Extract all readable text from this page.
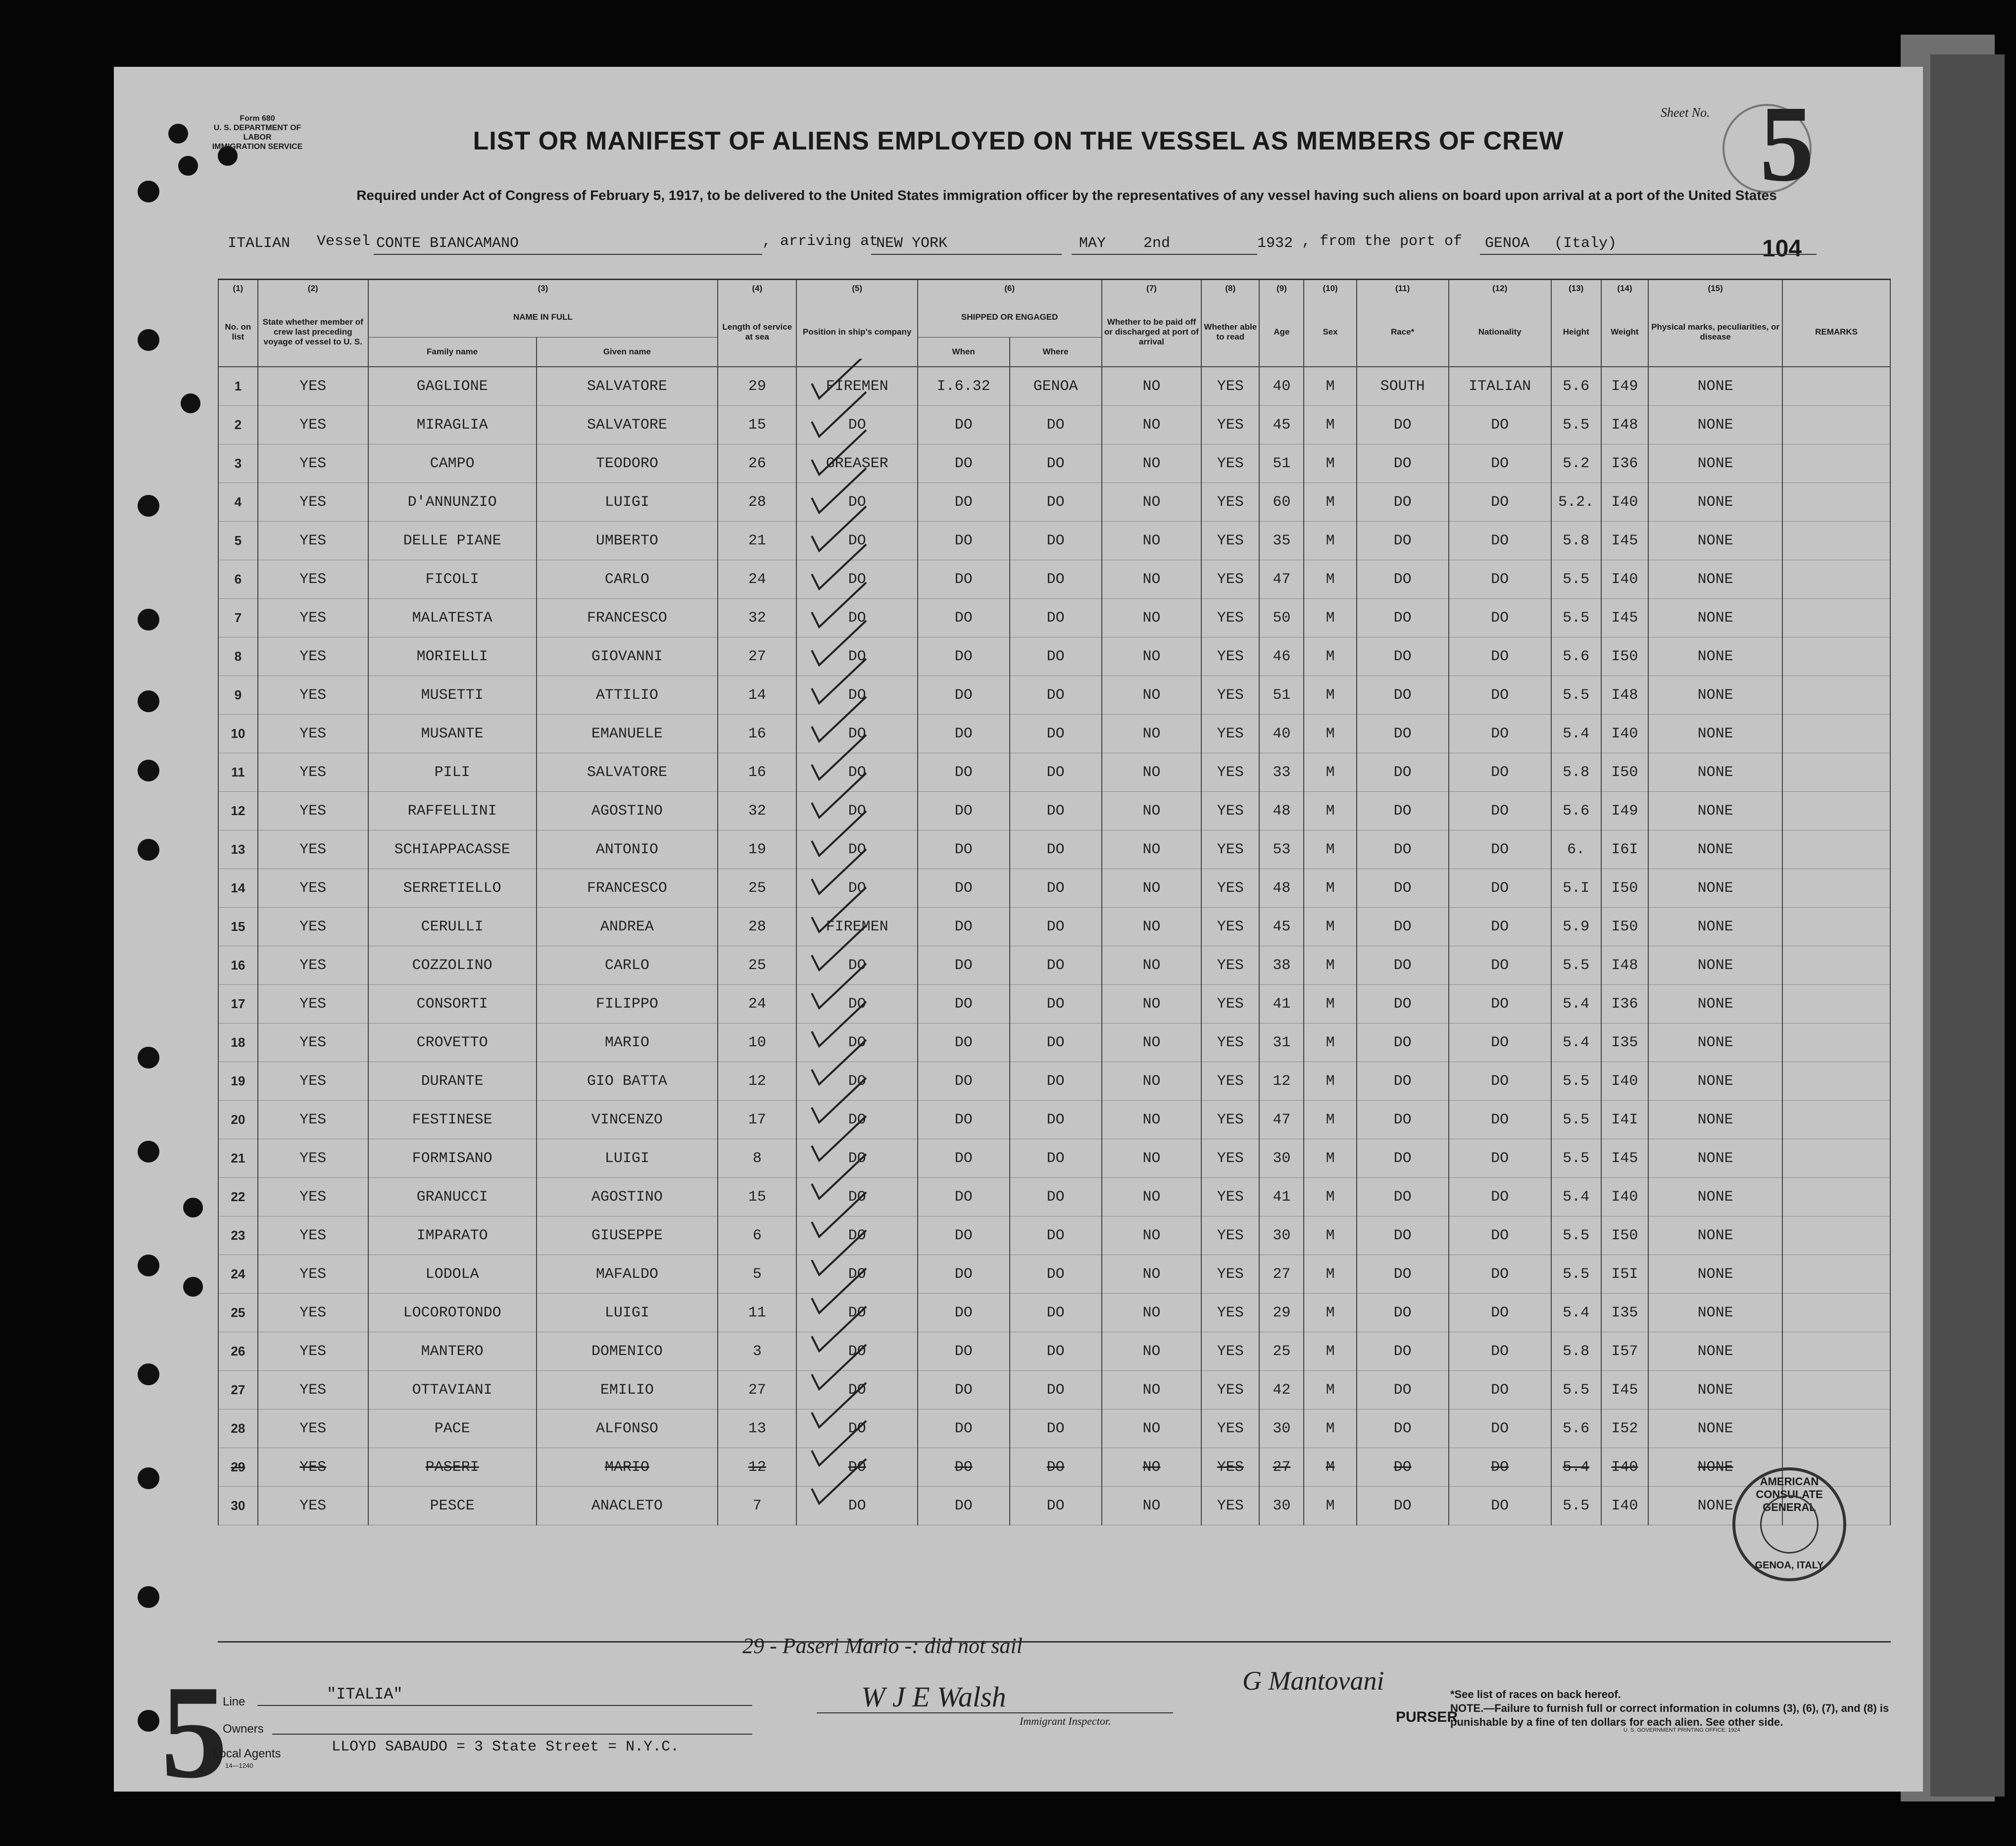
Form 680
U. S. DEPARTMENT OF LABOR
IMMIGRATION SERVICE	LIST OR MANIFEST OF ALIENS EMPLOYED ON THE VESSEL AS MEMBERS OF CREW
Required under Act of Congress of February 5, 1917, to be delivered to the United States immigration officer by the representatives of any vessel having such aliens on board upon arrival at a port of the United States
Sheet No. 5
104
ITALIAN Vessel CONTE BIANCAMANO	, arriving at
NEW YORK	MAY	2nd	1932 , from the port of GENOA (Italy)
(1)	(2)	(3)		(4)	(5)	(6)		(7)	(8)	(9)	(10)	(11)	(12)	(13)	(14)	(15)	
No. on list	State whether member of crew last preceding voyage of vessel to U. S.	NAME IN FULL		Length of service at sea	Position in ship's company	SHIPPED OR ENGAGED		Whether to be paid off or discharged at port of arrival	Whether able to read	Age	Sex	Race*	Nationality	Height	Weight	Physical marks, peculiarities, or disease	REMARKS
		Family name	Given name			When	Where										
1	YES	GAGLIONE	SALVATORE	29	FIREMEN	I.6.32	GENOA	NO	YES	40	M	SOUTH	ITALIAN	5.6	I49	NONE	
2	YES	MIRAGLIA	SALVATORE	15	DO	DO	DO	NO	YES	45	M	DO	DO	5.5	I48	NONE	
3	YES	CAMPO	TEODORO	26	GREASER	DO	DO	NO	YES	51	M	DO	DO	5.2	I36	NONE	
4	YES	D'ANNUNZIO	LUIGI	28	DO	DO	DO	NO	YES	60	M	DO	DO	5.2.	I40	NONE	
5	YES	DELLE PIANE	UMBERTO	21	DO	DO	DO	NO	YES	35	M	DO	DO	5.8	I45	NONE	
6	YES	FICOLI	CARLO	24	DO	DO	DO	NO	YES	47	M	DO	DO	5.5	I40	NONE	
7	YES	MALATESTA	FRANCESCO	32	DO	DO	DO	NO	YES	50	M	DO	DO	5.5	I45	NONE	
8	YES	MORIELLI	GIOVANNI	27	DO	DO	DO	NO	YES	46	M	DO	DO	5.6	I50	NONE	
9	YES	MUSETTI	ATTILIO	14	DO	DO	DO	NO	YES	51	M	DO	DO	5.5	I48	NONE	
10	YES	MUSANTE	EMANUELE	16	DO	DO	DO	NO	YES	40	M	DO	DO	5.4	I40	NONE	
11	YES	PILI	SALVATORE	16	DO	DO	DO	NO	YES	33	M	DO	DO	5.8	I50	NONE	
12	YES	RAFFELLINI	AGOSTINO	32	DO	DO	DO	NO	YES	48	M	DO	DO	5.6	I49	NONE	
13	YES	SCHIAPPACASSE	ANTONIO	19	DO	DO	DO	NO	YES	53	M	DO	DO	6.	I6I	NONE	
14	YES	SERRETIELLO	FRANCESCO	25	DO	DO	DO	NO	YES	48	M	DO	DO	5.I	I50	NONE	
15	YES	CERULLI	ANDREA	28	FIREMEN	DO	DO	NO	YES	45	M	DO	DO	5.9	I50	NONE	
16	YES	COZZOLINO	CARLO	25	DO	DO	DO	NO	YES	38	M	DO	DO	5.5	I48	NONE	
17	YES	CONSORTI	FILIPPO	24	DO	DO	DO	NO	YES	41	M	DO	DO	5.4	I36	NONE	
18	YES	CROVETTO	MARIO	10	DO	DO	DO	NO	YES	31	M	DO	DO	5.4	I35	NONE	
19	YES	DURANTE	GIO BATTA	12	DO	DO	DO	NO	YES	12	M	DO	DO	5.5	I40	NONE	
20	YES	FESTINESE	VINCENZO	17	DO	DO	DO	NO	YES	47	M	DO	DO	5.5	I4I	NONE	
21	YES	FORMISANO	LUIGI	8	DO	DO	DO	NO	YES	30	M	DO	DO	5.5	I45	NONE	
22	YES	GRANUCCI	AGOSTINO	15	DO	DO	DO	NO	YES	41	M	DO	DO	5.4	I40	NONE	
23	YES	IMPARATO	GIUSEPPE	6	DO	DO	DO	NO	YES	30	M	DO	DO	5.5	I50	NONE	
24	YES	LODOLA	MAFALDO	5	DO	DO	DO	NO	YES	27	M	DO	DO	5.5	I5I	NONE	
25	YES	LOCOROTONDO	LUIGI	11	DO	DO	DO	NO	YES	29	M	DO	DO	5.4	I35	NONE	
26	YES	MANTERO	DOMENICO	3	DO	DO	DO	NO	YES	25	M	DO	DO	5.8	I57	NONE	
27	YES	OTTAVIANI	EMILIO	27	DO	DO	DO	NO	YES	42	M	DO	DO	5.5	I45	NONE	
28	YES	PACE	ALFONSO	13	DO	DO	DO	NO	YES	30	M	DO	DO	5.6	I52	NONE	
29	YES	PASERI	MARIO	12	DO	DO	DO	NO	YES	27	M	DO	DO	5.4	I40	NONE	
30	YES	PESCE	ANACLETO	7	DO	DO	DO	NO	YES	30	M	DO	DO	5.5	I40	NONE	
AMERICAN CONSULATE GENERAL
GENOA, ITALY
5
Line	"ITALIA"
Owners
Local Agents	LLOYD SABAUDO = 3 State Street = N.Y.C.
14—1240
29 - Paseri Mario -: did not sail
W J E Walsh
Immigrant Inspector.
G Mantovani
PURSER
*See list of races on back hereof.
NOTE.—Failure to furnish full or correct information in columns (3), (6), (7), and (8) is punishable by a fine of ten dollars for each alien. See other side.
U. S. GOVERNMENT PRINTING OFFICE: 1924
